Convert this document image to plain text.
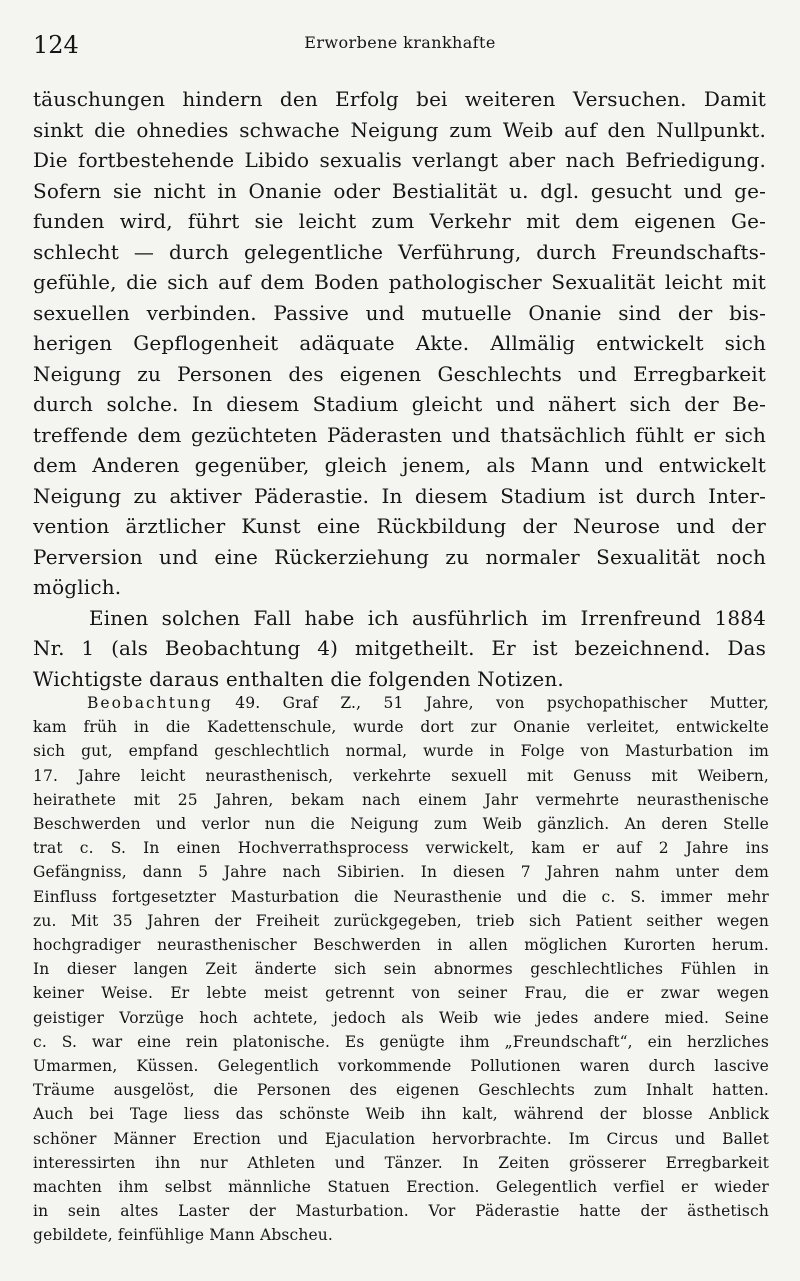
124	Erworbene krankhafte
täuschungen hindern den Erfolg bei weiteren Versuchen. Damit
sinkt die ohnedies schwache Neigung zum Weib auf den Nullpunkt.
Die fortbestehende Libido sexualis verlangt aber nach Befriedigung.
Sofern sie nicht in Onanie oder Bestialität u. dgl. gesucht und ge-
funden wird, führt sie leicht zum Verkehr mit dem eigenen Ge-
schlecht — durch gelegentliche Verführung, durch Freundschafts-
gefühle, die sich auf dem Boden pathologischer Sexualität leicht mit
sexuellen verbinden. Passive und mutuelle Onanie sind der bis-
herigen Gepflogenheit adäquate Akte. Allmälig entwickelt sich
Neigung zu Personen des eigenen Geschlechts und Erregbarkeit
durch solche. In diesem Stadium gleicht und nähert sich der Be-
treffende dem gezüchteten Päderasten und thatsächlich fühlt er sich
dem Anderen gegenüber, gleich jenem, als Mann und entwickelt
Neigung zu aktiver Päderastie. In diesem Stadium ist durch Inter-
vention ärztlicher Kunst eine Rückbildung der Neurose und der
Perversion und eine Rückerziehung zu normaler Sexualität noch
möglich.
Einen solchen Fall habe ich ausführlich im Irrenfreund 1884
Nr. 1 (als Beobachtung 4) mitgetheilt. Er ist bezeichnend. Das
Wichtigste daraus enthalten die folgenden Notizen.
Beobachtung 49. Graf Z., 51 Jahre, von psychopathischer Mutter,
kam früh in die Kadettenschule, wurde dort zur Onanie verleitet, entwickelte
sich gut, empfand geschlechtlich normal, wurde in Folge von Masturbation im
17. Jahre leicht neurasthenisch, verkehrte sexuell mit Genuss mit Weibern,
heirathete mit 25 Jahren, bekam nach einem Jahr vermehrte neurasthenische
Beschwerden und verlor nun die Neigung zum Weib gänzlich. An deren Stelle
trat c. S. In einen Hochverrathsprocess verwickelt, kam er auf 2 Jahre ins
Gefängniss, dann 5 Jahre nach Sibirien. In diesen 7 Jahren nahm unter dem
Einfluss fortgesetzter Masturbation die Neurasthenie und die c. S. immer mehr
zu. Mit 35 Jahren der Freiheit zurückgegeben, trieb sich Patient seither wegen
hochgradiger neurasthenischer Beschwerden in allen möglichen Kurorten herum.
In dieser langen Zeit änderte sich sein abnormes geschlechtliches Fühlen in
keiner Weise. Er lebte meist getrennt von seiner Frau, die er zwar wegen
geistiger Vorzüge hoch achtete, jedoch als Weib wie jedes andere mied. Seine
c. S. war eine rein platonische. Es genügte ihm „Freundschaft“, ein herzliches
Umarmen, Küssen. Gelegentlich vorkommende Pollutionen waren durch lascive
Träume ausgelöst, die Personen des eigenen Geschlechts zum Inhalt hatten.
Auch bei Tage liess das schönste Weib ihn kalt, während der blosse Anblick
schöner Männer Erection und Ejaculation hervorbrachte. Im Circus und Ballet
interessirten ihn nur Athleten und Tänzer. In Zeiten grösserer Erregbarkeit
machten ihm selbst männliche Statuen Erection. Gelegentlich verfiel er wieder
in sein altes Laster der Masturbation. Vor Päderastie hatte der ästhetisch
gebildete, feinfühlige Mann Abscheu.
